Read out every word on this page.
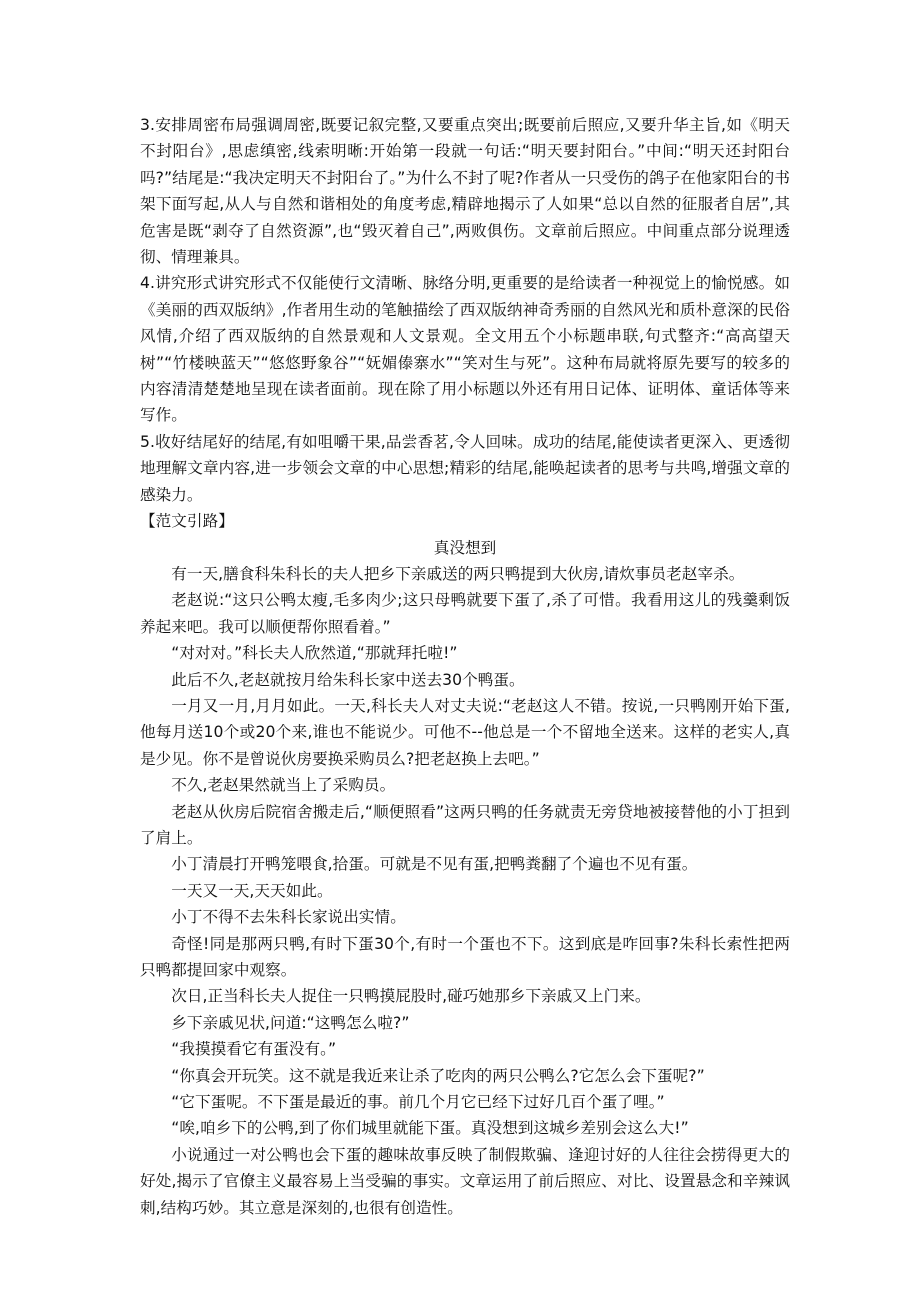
3.安排周密布局强调周密,既要记叙完整,又要重点突出;既要前后照应,又要升华主旨,如《明天不封阳台》,思虑缜密,线索明晰:开始第一段就一句话:“明天要封阳台。”中间:“明天还封阳台吗?”结尾是:“我决定明天不封阳台了。”为什么不封了呢?作者从一只受伤的鸽子在他家阳台的书架下面写起,从人与自然和谐相处的角度考虑,精辟地揭示了人如果“总以自然的征服者自居”,其危害是既“剥夺了自然资源”,也“毁灭着自己”,两败俱伤。文章前后照应。中间重点部分说理透彻、情理兼具。

4.讲究形式讲究形式不仅能使行文清晰、脉络分明,更重要的是给读者一种视觉上的愉悦感。如《美丽的西双版纳》,作者用生动的笔触描绘了西双版纳神奇秀丽的自然风光和质朴意深的民俗风情,介绍了西双版纳的自然景观和人文景观。全文用五个小标题串联,句式整齐:“高高望天树”“竹楼映蓝天”“悠悠野象谷”“妩媚傣寨水”“笑对生与死”。这种布局就将原先要写的较多的内容清清楚楚地呈现在读者面前。现在除了用小标题以外还有用日记体、证明体、童话体等来写作。

5.收好结尾好的结尾,有如咀嚼干果,品尝香茗,令人回味。成功的结尾,能使读者更深入、更透彻地理解文章内容,进一步领会文章的中心思想;精彩的结尾,能唤起读者的思考与共鸣,增强文章的感染力。

【范文引路】

真没想到

有一天,膳食科朱科长的夫人把乡下亲戚送的两只鸭提到大伙房,请炊事员老赵宰杀。

老赵说:“这只公鸭太瘦,毛多肉少;这只母鸭就要下蛋了,杀了可惜。我看用这儿的残羹剩饭养起来吧。我可以顺便帮你照看着。”

“对对对。”科长夫人欣然道,“那就拜托啦!”

此后不久,老赵就按月给朱科长家中送去30个鸭蛋。

一月又一月,月月如此。一天,科长夫人对丈夫说:“老赵这人不错。按说,一只鸭刚开始下蛋,他每月送10个或20个来,谁也不能说少。可他不--他总是一个不留地全送来。这样的老实人,真是少见。你不是曾说伙房要换采购员么?把老赵换上去吧。”

不久,老赵果然就当上了采购员。

老赵从伙房后院宿舍搬走后,“顺便照看”这两只鸭的任务就责无旁贷地被接替他的小丁担到了肩上。

小丁清晨打开鸭笼喂食,拾蛋。可就是不见有蛋,把鸭粪翻了个遍也不见有蛋。

一天又一天,天天如此。

小丁不得不去朱科长家说出实情。

奇怪!同是那两只鸭,有时下蛋30个,有时一个蛋也不下。这到底是咋回事?朱科长索性把两只鸭都提回家中观察。

次日,正当科长夫人捉住一只鸭摸屁股时,碰巧她那乡下亲戚又上门来。

乡下亲戚见状,问道:“这鸭怎么啦?”

“我摸摸看它有蛋没有。”

“你真会开玩笑。这不就是我近来让杀了吃肉的两只公鸭么?它怎么会下蛋呢?”

“它下蛋呢。不下蛋是最近的事。前几个月它已经下过好几百个蛋了哩。”

“唉,咱乡下的公鸭,到了你们城里就能下蛋。真没想到这城乡差别会这么大!”

小说通过一对公鸭也会下蛋的趣味故事反映了制假欺骗、逢迎讨好的人往往会捞得更大的好处,揭示了官僚主义最容易上当受骗的事实。文章运用了前后照应、对比、设置悬念和辛辣讽刺,结构巧妙。其立意是深刻的,也很有创造性。
